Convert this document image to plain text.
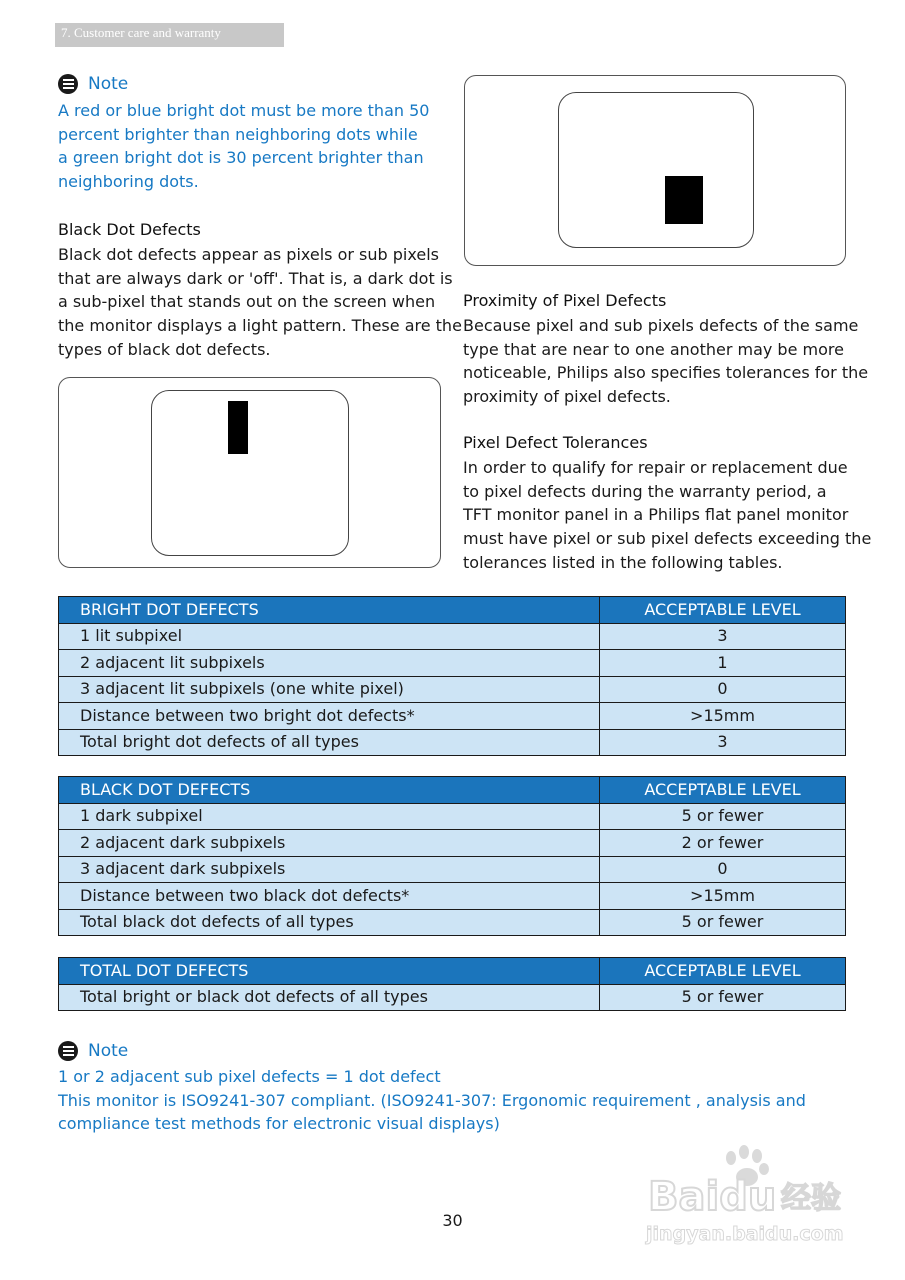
7. Customer care and warranty
Note
A red or blue bright dot must be more than 50
percent brighter than neighboring dots while
a green bright dot is 30 percent brighter than
neighboring dots.
Black Dot Defects
Black dot defects appear as pixels or sub pixels
that are always dark or 'off'. That is, a dark dot is
a sub-pixel that stands out on the screen when
the monitor displays a light pattern. These are the
types of black dot defects.
Proximity of Pixel Defects
Because pixel and sub pixels defects of the same
type that are near to one another may be more
noticeable, Philips also specifies tolerances for the
proximity of pixel defects.
Pixel Defect Tolerances
In order to qualify for repair or replacement due
to pixel defects during the warranty period, a
TFT monitor panel in a Philips flat panel monitor
must have pixel or sub pixel defects exceeding the
tolerances listed in the following tables.
BRIGHT DOT DEFECTS	ACCEPTABLE LEVEL
1 lit subpixel	3
2 adjacent lit subpixels	1
3 adjacent lit subpixels (one white pixel)	0
Distance between two bright dot defects*	>15mm
Total bright dot defects of all types	3
BLACK DOT DEFECTS	ACCEPTABLE LEVEL
1 dark subpixel	5 or fewer
2 adjacent dark subpixels	2 or fewer
3 adjacent dark subpixels	0
Distance between two black dot defects*	>15mm
Total black dot defects of all types	5 or fewer
TOTAL DOT DEFECTS	ACCEPTABLE LEVEL
Total bright or black dot defects of all types	5 or fewer
Note
1 or 2 adjacent sub pixel defects = 1 dot defect
This monitor is ISO9241-307 compliant. (ISO9241-307: Ergonomic requirement , analysis and
compliance test methods for electronic visual displays)
Baidu 经验
jingyan.baidu.com
30
